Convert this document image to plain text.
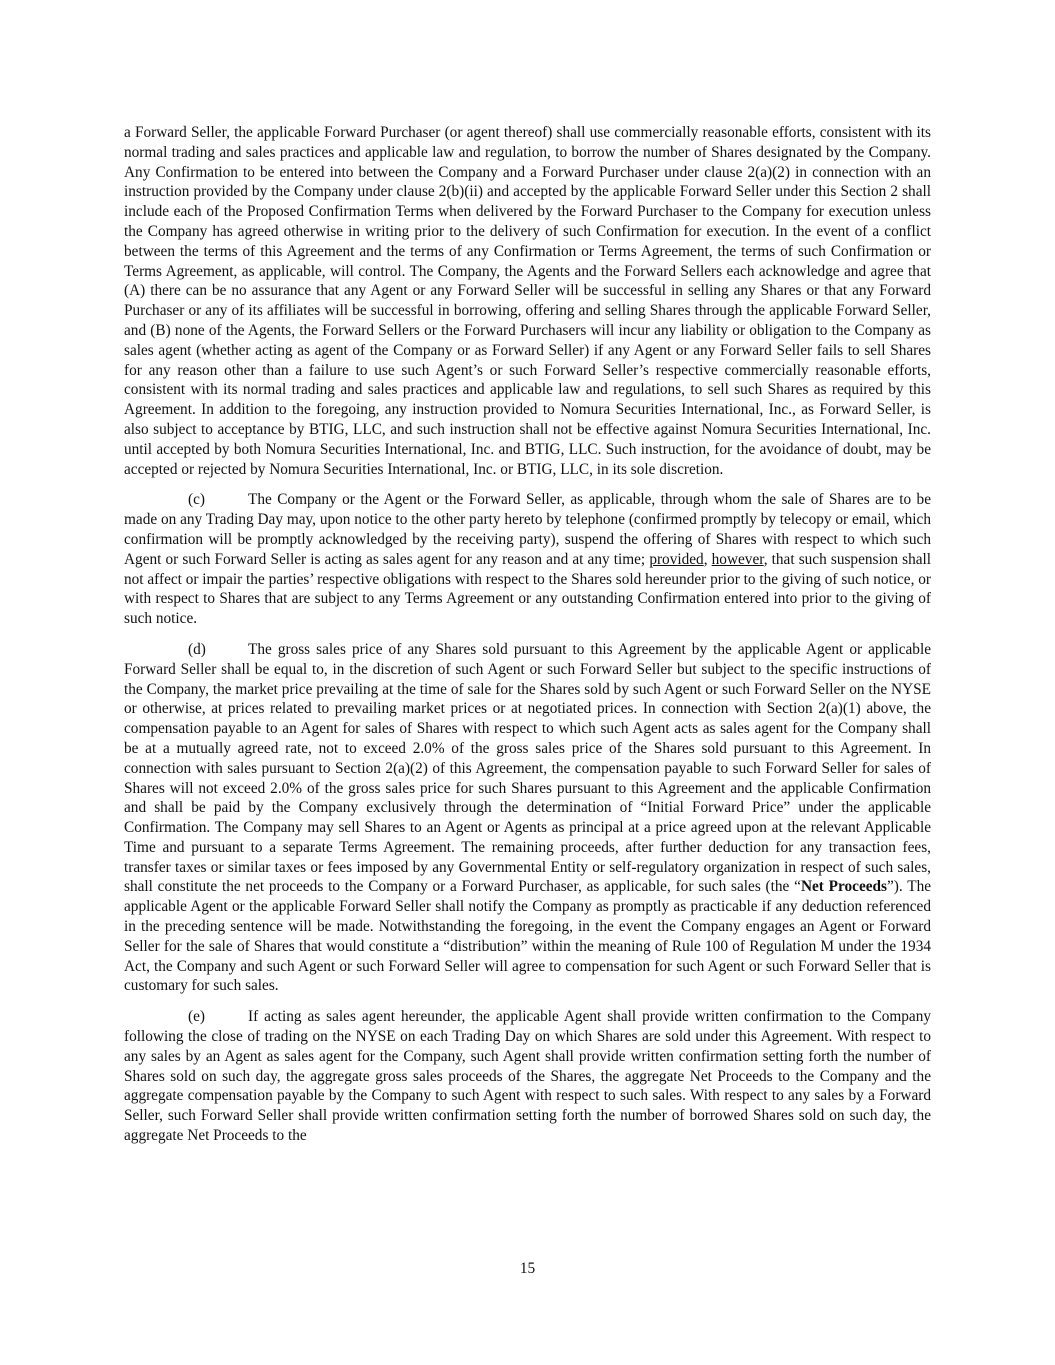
a Forward Seller, the applicable Forward Purchaser (or agent thereof) shall use commercially reasonable efforts, consistent with its normal trading and sales practices and applicable law and regulation, to borrow the number of Shares designated by the Company. Any Confirmation to be entered into between the Company and a Forward Purchaser under clause 2(a)(2) in connection with an instruction provided by the Company under clause 2(b)(ii) and accepted by the applicable Forward Seller under this Section 2 shall include each of the Proposed Confirmation Terms when delivered by the Forward Purchaser to the Company for execution unless the Company has agreed otherwise in writing prior to the delivery of such Confirmation for execution. In the event of a conflict between the terms of this Agreement and the terms of any Confirmation or Terms Agreement, the terms of such Confirmation or Terms Agreement, as applicable, will control. The Company, the Agents and the Forward Sellers each acknowledge and agree that (A) there can be no assurance that any Agent or any Forward Seller will be successful in selling any Shares or that any Forward Purchaser or any of its affiliates will be successful in borrowing, offering and selling Shares through the applicable Forward Seller, and (B) none of the Agents, the Forward Sellers or the Forward Purchasers will incur any liability or obligation to the Company as sales agent (whether acting as agent of the Company or as Forward Seller) if any Agent or any Forward Seller fails to sell Shares for any reason other than a failure to use such Agent’s or such Forward Seller’s respective commercially reasonable efforts, consistent with its normal trading and sales practices and applicable law and regulations, to sell such Shares as required by this Agreement. In addition to the foregoing, any instruction provided to Nomura Securities International, Inc., as Forward Seller, is also subject to acceptance by BTIG, LLC, and such instruction shall not be effective against Nomura Securities International, Inc. until accepted by both Nomura Securities International, Inc. and BTIG, LLC. Such instruction, for the avoidance of doubt, may be accepted or rejected by Nomura Securities International, Inc. or BTIG, LLC, in its sole discretion.

(c)	The Company or the Agent or the Forward Seller, as applicable, through whom the sale of Shares are to be made on any Trading Day may, upon notice to the other party hereto by telephone (confirmed promptly by telecopy or email, which confirmation will be promptly acknowledged by the receiving party), suspend the offering of Shares with respect to which such Agent or such Forward Seller is acting as sales agent for any reason and at any time; provided, however, that such suspension shall not affect or impair the parties’ respective obligations with respect to the Shares sold hereunder prior to the giving of such notice, or with respect to Shares that are subject to any Terms Agreement or any outstanding Confirmation entered into prior to the giving of such notice.

(d)	The gross sales price of any Shares sold pursuant to this Agreement by the applicable Agent or applicable Forward Seller shall be equal to, in the discretion of such Agent or such Forward Seller but subject to the specific instructions of the Company, the market price prevailing at the time of sale for the Shares sold by such Agent or such Forward Seller on the NYSE or otherwise, at prices related to prevailing market prices or at negotiated prices. In connection with Section 2(a)(1) above, the compensation payable to an Agent for sales of Shares with respect to which such Agent acts as sales agent for the Company shall be at a mutually agreed rate, not to exceed 2.0% of the gross sales price of the Shares sold pursuant to this Agreement. In connection with sales pursuant to Section 2(a)(2) of this Agreement, the compensation payable to such Forward Seller for sales of Shares will not exceed 2.0% of the gross sales price for such Shares pursuant to this Agreement and the applicable Confirmation and shall be paid by the Company exclusively through the determination of “Initial Forward Price” under the applicable Confirmation. The Company may sell Shares to an Agent or Agents as principal at a price agreed upon at the relevant Applicable Time and pursuant to a separate Terms Agreement. The remaining proceeds, after further deduction for any transaction fees, transfer taxes or similar taxes or fees imposed by any Governmental Entity or self-regulatory organization in respect of such sales, shall constitute the net proceeds to the Company or a Forward Purchaser, as applicable, for such sales (the “Net Proceeds”). The applicable Agent or the applicable Forward Seller shall notify the Company as promptly as practicable if any deduction referenced in the preceding sentence will be made. Notwithstanding the foregoing, in the event the Company engages an Agent or Forward Seller for the sale of Shares that would constitute a “distribution” within the meaning of Rule 100 of Regulation M under the 1934 Act, the Company and such Agent or such Forward Seller will agree to compensation for such Agent or such Forward Seller that is customary for such sales.

(e)	If acting as sales agent hereunder, the applicable Agent shall provide written confirmation to the Company following the close of trading on the NYSE on each Trading Day on which Shares are sold under this Agreement. With respect to any sales by an Agent as sales agent for the Company, such Agent shall provide written confirmation setting forth the number of Shares sold on such day, the aggregate gross sales proceeds of the Shares, the aggregate Net Proceeds to the Company and the aggregate compensation payable by the Company to such Agent with respect to such sales. With respect to any sales by a Forward Seller, such Forward Seller shall provide written confirmation setting forth the number of borrowed Shares sold on such day, the aggregate Net Proceeds to the

15
